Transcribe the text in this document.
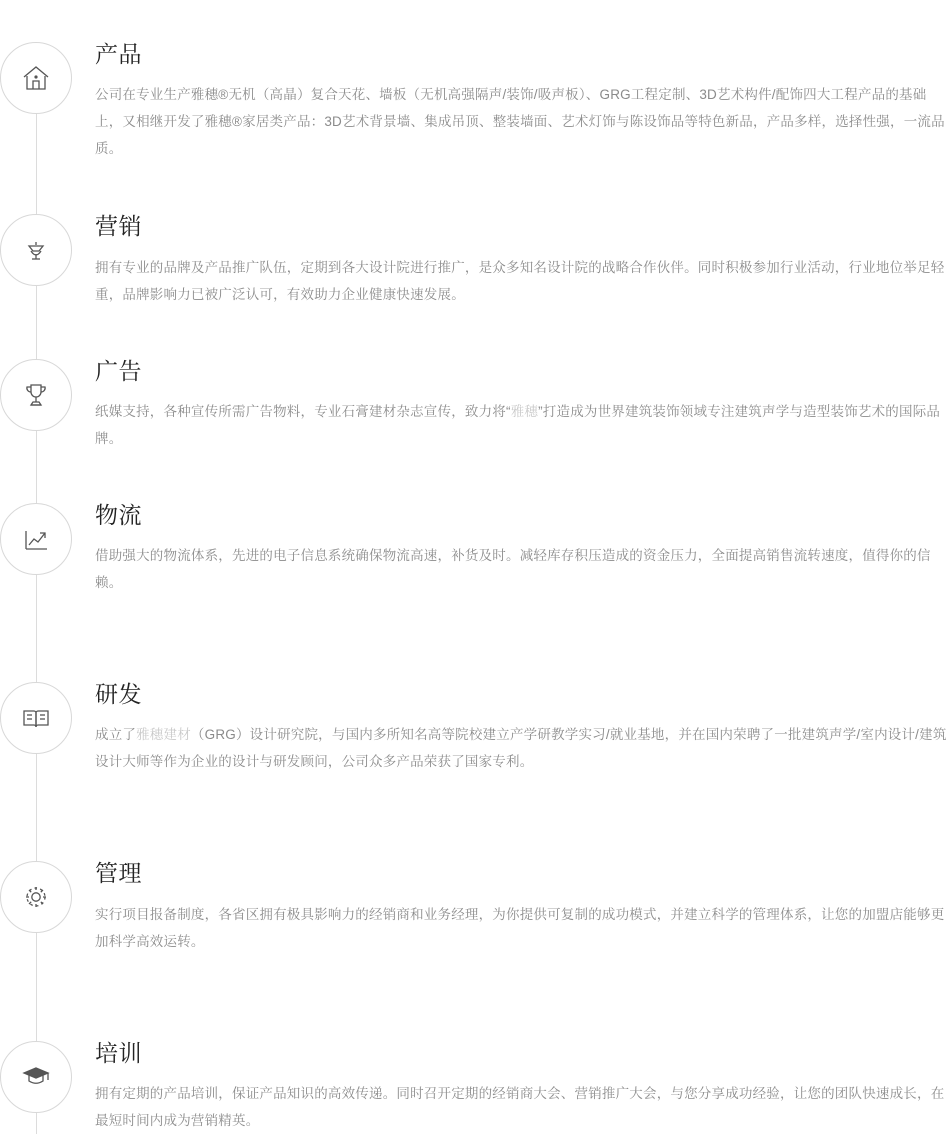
产品

公司在专业生产雅穗®无机（高晶）复合天花、墙板（无机高强隔声/装饰/吸声板）、GRG工程定制、3D艺术构件/配饰四大工程产品的基础上，又相继开发了雅穗®家居类产品：3D艺术背景墙、集成吊顶、整装墙面、艺术灯饰与陈设饰品等特色新品，产品多样，选择性强，一流品质。

营销

拥有专业的品牌及产品推广队伍，定期到各大设计院进行推广，是众多知名设计院的战略合作伙伴。同时积极参加行业活动，行业地位举足轻重，品牌影响力已被广泛认可，有效助力企业健康快速发展。

广告

纸媒支持，各种宣传所需广告物料，专业石膏建材杂志宣传，致力将“雅穗”打造成为世界建筑装饰领域专注建筑声学与造型装饰艺术的国际品牌。

物流

借助强大的物流体系，先进的电子信息系统确保物流高速，补货及时。减轻库存积压造成的资金压力，全面提高销售流转速度，值得你的信赖。

研发

成立了雅穗建材（GRG）设计研究院，与国内多所知名高等院校建立产学研教学实习/就业基地，并在国内荣聘了一批建筑声学/室内设计/建筑设计大师等作为企业的设计与研发顾问，公司众多产品荣获了国家专利。

管理

实行项目报备制度，各省区拥有极具影响力的经销商和业务经理，为你提供可复制的成功模式，并建立科学的管理体系，让您的加盟店能够更加科学高效运转。

培训

拥有定期的产品培训，保证产品知识的高效传递。同时召开定期的经销商大会、营销推广大会，与您分享成功经验，让您的团队快速成长，在最短时间内成为营销精英。
